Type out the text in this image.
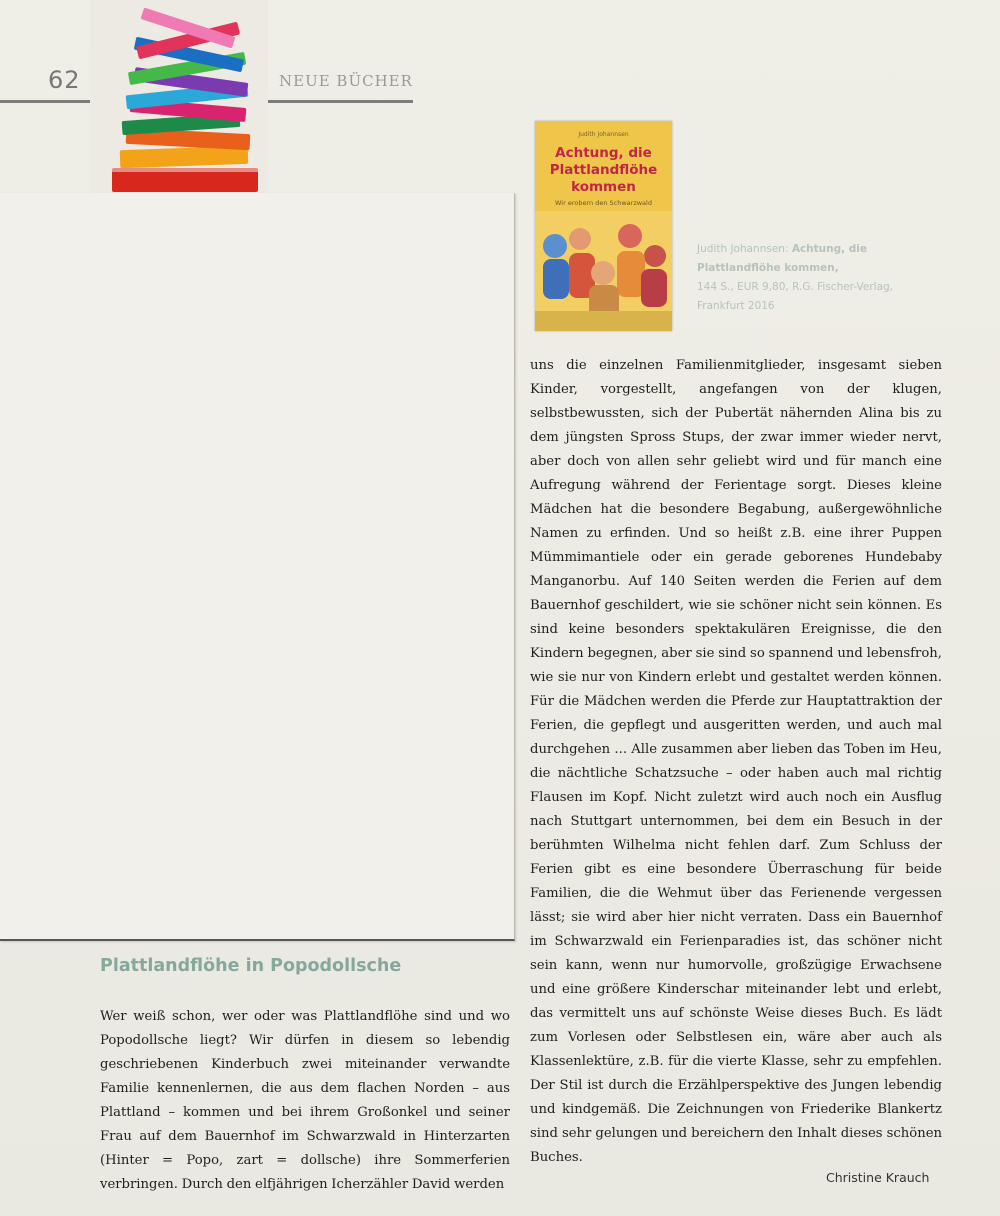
62	NEUE BÜCHER
Judith Johannsen
Achtung, die
Plattlandflöhe
kommen
Wir erobern den Schwarzwald
Judith Johannsen: Achtung, die Plattlandflöhe kommen,
144 S., EUR 9,80, R.G. Fischer-Verlag, Frankfurt 2016

uns die einzelnen Familienmitglieder, insgesamt sieben Kinder, vorgestellt, angefangen von der klugen, selbstbewussten, sich der Pubertät nähernden Alina bis zu dem jüngsten Spross Stups, der zwar immer wieder nervt, aber doch von allen sehr geliebt wird und für manch eine Aufregung während der Ferientage sorgt. Dieses kleine Mädchen hat die besondere Begabung, außergewöhnliche Namen zu erfinden. Und so heißt z.B. eine ihrer Puppen Mümmimantiele oder ein gerade geborenes Hundebaby Manganorbu. Auf 140 Seiten werden die Ferien auf dem Bauernhof geschildert, wie sie schöner nicht sein können. Es sind keine besonders spektakulären Ereignisse, die den Kindern begegnen, aber sie sind so spannend und lebensfroh, wie sie nur von Kindern erlebt und gestaltet werden können. Für die Mädchen werden die Pferde zur Hauptattraktion der Ferien, die gepflegt und ausgeritten werden, und auch mal durchgehen ... Alle zusammen aber lieben das Toben im Heu, die nächtliche Schatzsuche – oder haben auch mal richtig Flausen im Kopf. Nicht zuletzt wird auch noch ein Ausflug nach Stuttgart unternommen, bei dem ein Besuch in der berühmten Wilhelma nicht fehlen darf. Zum Schluss der Ferien gibt es eine besondere Überraschung für beide Familien, die die Wehmut über das Ferienende vergessen lässt; sie wird aber hier nicht verraten. Dass ein Bauernhof im Schwarzwald ein Ferienparadies ist, das schöner nicht sein kann, wenn nur humorvolle, großzügige Erwachsene und eine größere Kinderschar miteinander lebt und erlebt, das vermittelt uns auf schönste Weise dieses Buch. Es lädt zum Vorlesen oder Selbstlesen ein, wäre aber auch als Klassenlektüre, z.B. für die vierte Klasse, sehr zu empfehlen. Der Stil ist durch die Erzählperspektive des Jungen lebendig und kindgemäß. Die Zeichnungen von Friederike Blankertz sind sehr gelungen und bereichern den Inhalt dieses schönen Buches.

Plattlandflöhe in Popodollsche

Wer weiß schon, wer oder was Plattlandflöhe sind und wo Popodollsche liegt? Wir dürfen in diesem so lebendig geschriebenen Kinderbuch zwei miteinander verwandte Familie kennenlernen, die aus dem flachen Norden – aus Plattland – kommen und bei ihrem Großonkel und seiner Frau auf dem Bauernhof im Schwarzwald in Hinterzarten (Hinter = Popo, zart = dollsche) ihre Sommerferien verbringen. Durch den elfjährigen Icherzähler David werden	Christine Krauch
